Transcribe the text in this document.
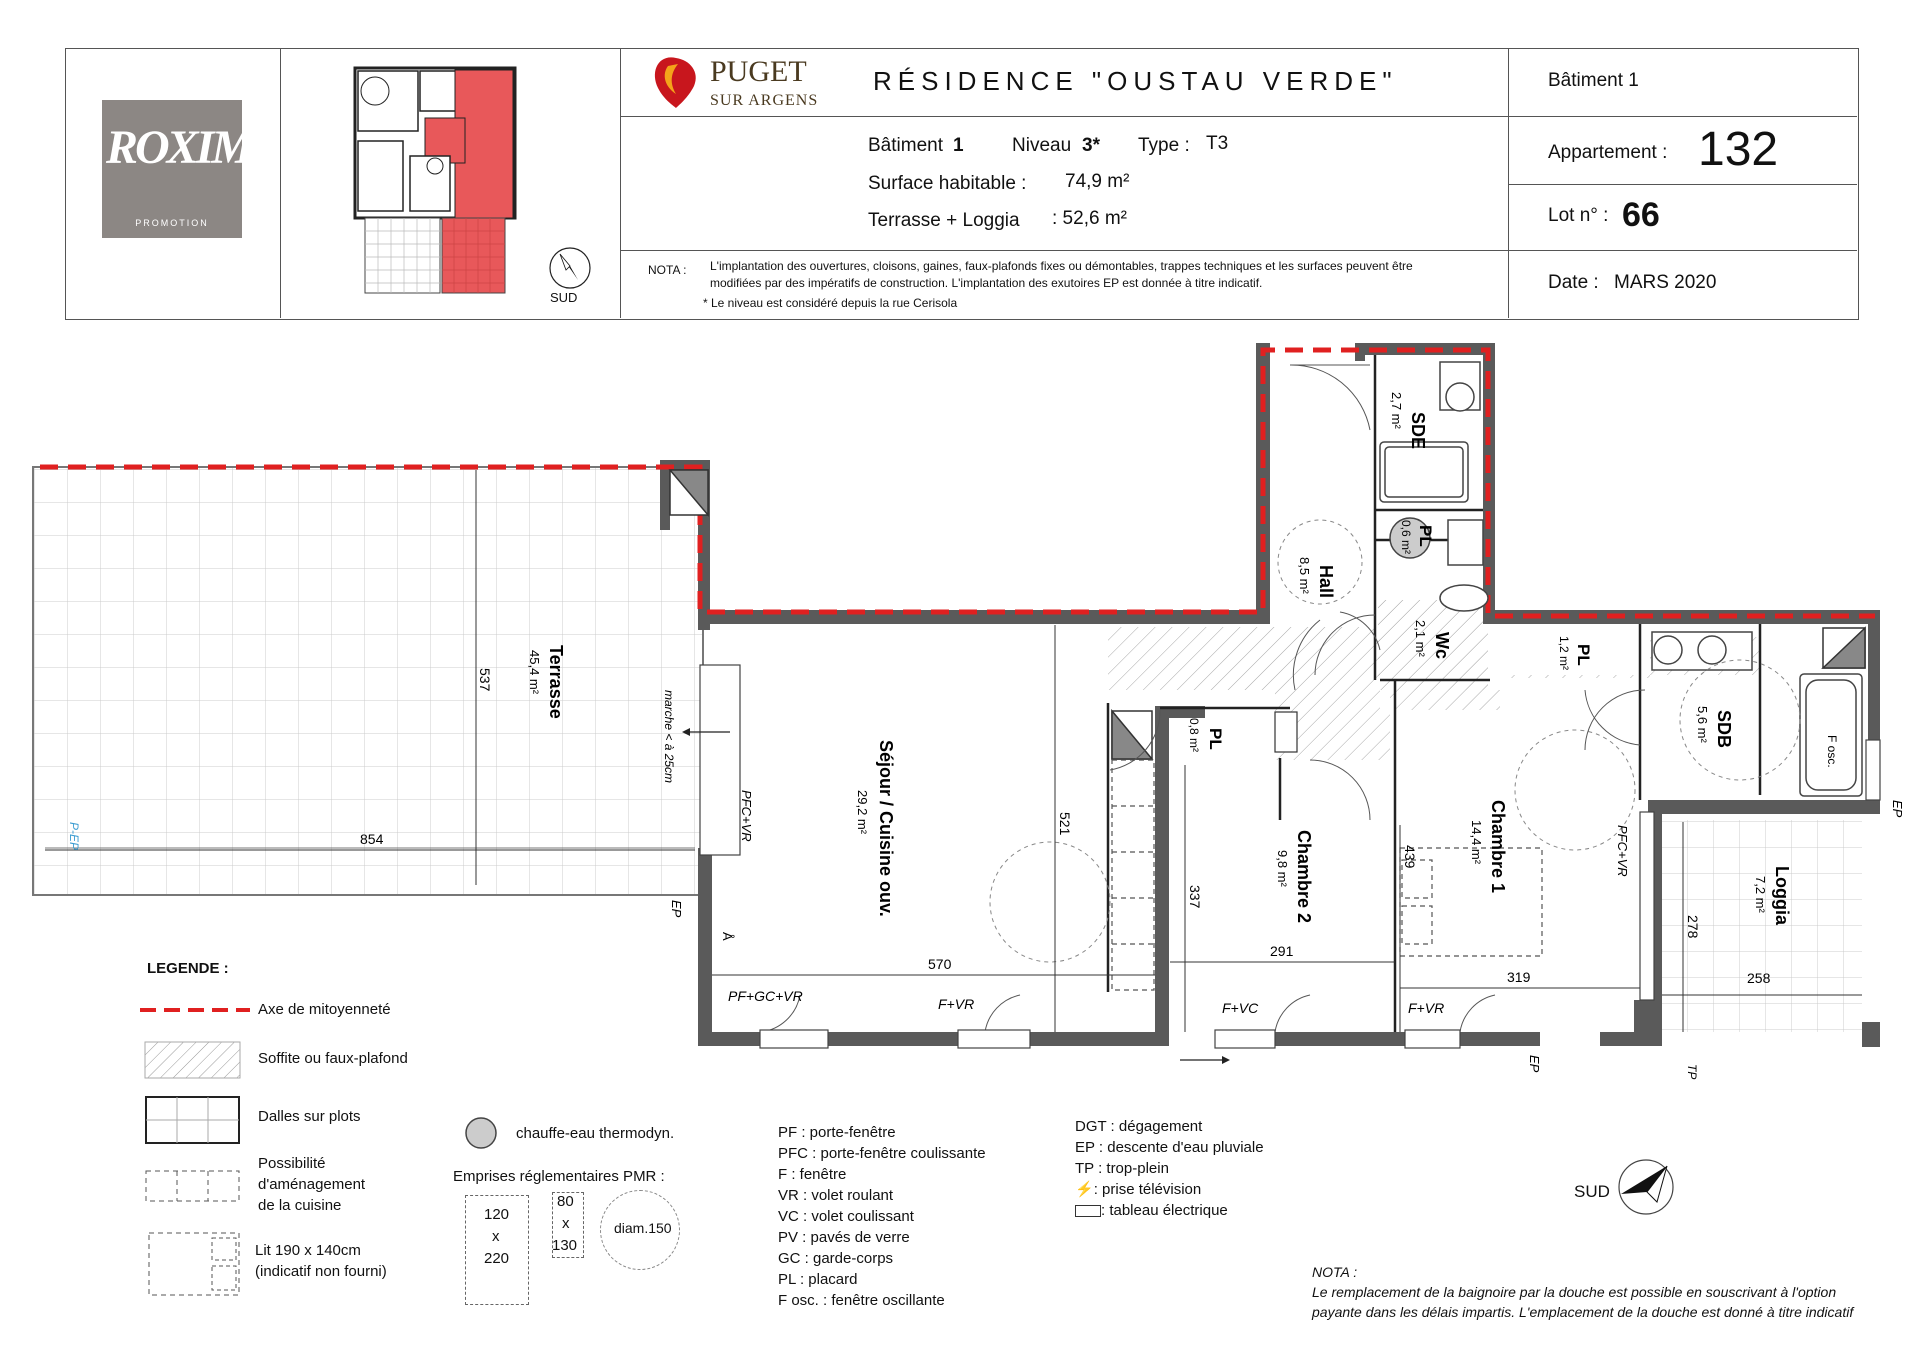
ROXIM
PROMOTION
SUD
PUGET
SUR ARGENS
RÉSIDENCE "OUSTAU VERDE"
Bâtiment 1	Niveau 3* Type : T3
Surface habitable : 74,9 m²
Terrasse + Loggia : 52,6 m²
NOTA : L'implantation des ouvertures, cloisons, gaines, faux-plafonds fixes ou démontables, trappes techniques et les surfaces peuvent être
modifiées par des impératifs de construction. L'implantation des exutoires EP est donnée à titre indicatif.
* Le niveau est considéré depuis la rue Cerisola
Bâtiment 1
Appartement : 132
Lot n° : 66
Date : MARS 2020
Å
SDE
2,7 m²
PL
0,6 m²
Hall
8,5 m²
Wc
2,1 m²	PL
1,2 m²
SDB
5,6 m²
Terrasse
45,4 m²
Séjour / Cuisine ouv.
29,2 m²
PL
0,8 m²
Chambre 2
9,8 m²	Chambre 1
14,4 m²
Loggia
7,2 m²
537
854
521
570
337
291
439
319
278
258
marche < à 25cm
PFC+VR
PFC+VR
PF+GC+VR	F+VR	F+VC	F+VR
EP
EP
EP
TP
P-EP
F osc.
LEGENDE :
Axe de mitoyenneté
Soffite ou faux-plafond
Dalles sur plots
Possibilité
d'aménagement
de la cuisine
Lit 190 x 140cm
(indicatif non fourni)
chauffe-eau thermodyn.
Emprises réglementaires PMR :
120
x
220
80
x
130
diam.150
PF : porte-fenêtre
PFC : porte-fenêtre coulissante
F : fenêtre
VR : volet roulant
VC : volet coulissant
PV : pavés de verre
GC : garde-corps
PL : placard
F osc. : fenêtre oscillante
DGT : dégagement
EP : descente d'eau pluviale
TP : trop-plein
⚡: prise télévision
: tableau électrique
SUD
NOTA :
Le remplacement de la baignoire par la douche est possible en souscrivant à l'option
payante dans les délais impartis. L'emplacement de la douche est donné à titre indicatif
